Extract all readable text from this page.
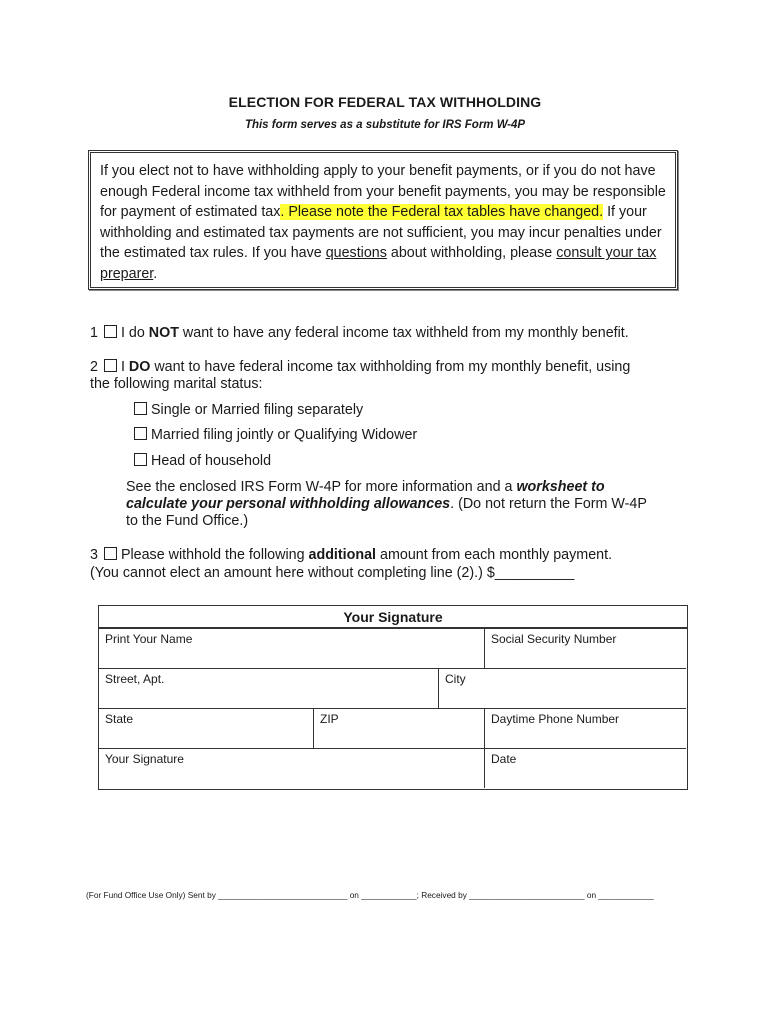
ELECTION FOR FEDERAL TAX WITHHOLDING
This form serves as a substitute for IRS Form W-4P
If you elect not to have withholding apply to your benefit payments, or if you do not have enough Federal income tax withheld from your benefit payments, you may be responsible for payment of estimated tax. Please note the Federal tax tables have changed. If your withholding and estimated tax payments are not sufficient, you may incur penalties under the estimated tax rules. If you have questions about withholding, please consult your tax preparer.
1 I do NOT want to have any federal income tax withheld from my monthly benefit.
2 I DO want to have federal income tax withholding from my monthly benefit, using
the following marital status:
Single or Married filing separately
Married filing jointly or Qualifying Widower
Head of household
See the enclosed IRS Form W-4P for more information and a worksheet to
calculate your personal withholding allowances. (Do not return the Form W-4P
to the Fund Office.)
3 Please withhold the following additional amount from each monthly payment.
(You cannot elect an amount here without completing line (2).) $__________
Your Signature
Print Your Name	Social Security Number
Street, Apt.	City
State	ZIP	Daytime Phone Number
Your Signature	Date
(For Fund Office Use Only) Sent by ____________________________ on ____________; Received by _________________________ on ____________
